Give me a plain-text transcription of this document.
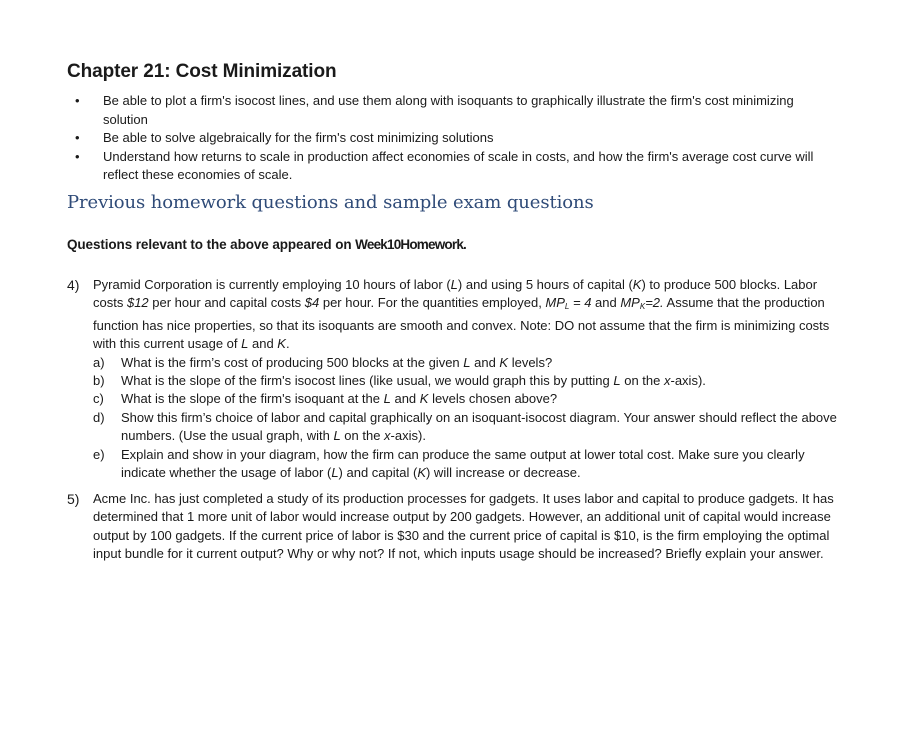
Chapter 21: Cost Minimization
• Be able to plot a firm's isocost lines, and use them along with isoquants to graphically illustrate the firm's cost minimizing solution
• Be able to solve algebraically for the firm's cost minimizing solutions
• Understand how returns to scale in production affect economies of scale in costs, and how the firm's average cost curve will reflect these economies of scale.
Previous homework questions and sample exam questions

Questions relevant to the above appeared on Week10Homework.

4) Pyramid Corporation is currently employing 10 hours of labor (L) and using 5 hours of capital (K) to produce 500 blocks. Labor costs $12 per hour and capital costs $4 per hour. For the quantities employed, $MP_L = 4$ and $MP_K=2$. Assume that the production function has nice properties, so that its isoquants are smooth and convex. Note: DO not assume that the firm is minimizing costs with this current usage of L and K.
a) What is the firm’s cost of producing 500 blocks at the given L and K levels?
b) What is the slope of the firm's isocost lines (like usual, we would graph this by putting L on the x-axis).
c) What is the slope of the firm's isoquant at the L and K levels chosen above?
d) Show this firm’s choice of labor and capital graphically on an isoquant-isocost diagram. Your answer should reflect the above numbers. (Use the usual graph, with L on the x-axis).
e) Explain and show in your diagram, how the firm can produce the same output at lower total cost. Make sure you clearly indicate whether the usage of labor (L) and capital (K) will increase or decrease.
5) Acme Inc. has just completed a study of its production processes for gadgets. It uses labor and capital to produce gadgets. It has determined that 1 more unit of labor would increase output by 200 gadgets. However, an additional unit of capital would increase output by 100 gadgets. If the current price of labor is $30 and the current price of capital is $10, is the firm employing the optimal input bundle for it current output? Why or why not? If not, which inputs usage should be increased? Briefly explain your answer.
